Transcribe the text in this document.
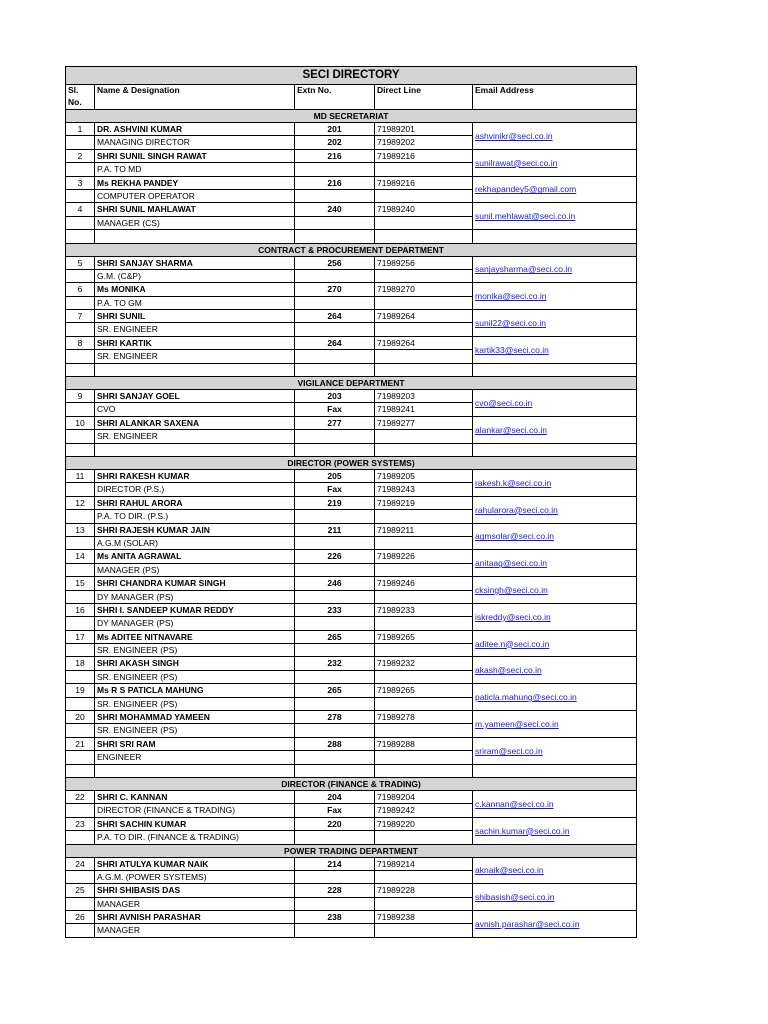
SECI DIRECTORY				
Sl. No.	Name & Designation	Extn No.	Direct Line	Email Address
MD SECRETARIAT				
1	DR. ASHVINI KUMAR	201	71989201	ashvinikr@seci.co.in
	MANAGING DIRECTOR	202	71989202	
2	SHRI SUNIL SINGH RAWAT	216	71989216	sunilrawat@seci.co.in
	P.A. TO MD			
3	Ms REKHA PANDEY	216	71989216	rekhapandey5@gmail.com
	COMPUTER OPERATOR			
4	SHRI SUNIL MAHLAWAT	240	71989240	sunil.mehlawat@seci.co.in
	MANAGER (CS)			

CONTRACT & PROCUREMENT DEPARTMENT				
5	SHRI SANJAY SHARMA	256	71989256	sanjaysharma@seci.co.in
	G.M. (C&P)			
6	Ms MONIKA	270	71989270	monika@seci.co.in
	P.A. TO GM			
7	SHRI SUNIL	264	71989264	sunil22@seci.co.in
	SR. ENGINEER			
8	SHRI KARTIK	264	71989264	kartik33@seci.co.in
	SR. ENGINEER			

VIGILANCE DEPARTMENT				
9	SHRI SANJAY GOEL	203	71989203	cvo@seci.co.in
	CVO	Fax	71989241	
10	SHRI ALANKAR SAXENA	277	71989277	alankar@seci.co.in
	SR. ENGINEER			

DIRECTOR (POWER SYSTEMS)				
11	SHRI RAKESH KUMAR	205	71989205	rakesh.k@seci.co.in
	DIRECTOR (P.S.)	Fax	71989243	
12	SHRI RAHUL ARORA	219	71989219	rahularora@seci.co.in
	P.A. TO DIR. (P.S.)			
13	SHRI RAJESH KUMAR JAIN	211	71989211	agmsolar@seci.co.in
	A.G.M (SOLAR)			
14	Ms ANITA AGRAWAL	226	71989226	anitaag@seci.co.in
	MANAGER (PS)			
15	SHRI CHANDRA KUMAR SINGH	246	71989246	cksingh@seci.co.in
	DY MANAGER (PS)			
16	SHRI I. SANDEEP KUMAR REDDY	233	71989233	iskreddy@seci.co.in
	DY MANAGER (PS)			
17	Ms ADITEE NITNAVARE	265	71989265	aditee.n@seci.co.in
	SR. ENGINEER (PS)			
18	SHRI AKASH SINGH	232	71989232	akash@seci.co.in
	SR. ENGINEER (PS)			
19	Ms R S PATICLA MAHUNG	265	71989265	paticla.mahung@seci.co.in
	SR. ENGINEER (PS)			
20	SHRI MOHAMMAD YAMEEN	278	71989278	m.yameen@seci.co.in
	SR. ENGINEER (PS)			
21	SHRI SRI RAM	288	71989288	sriram@seci.co.in
	ENGINEER			

DIRECTOR (FINANCE & TRADING)				
22	SHRI C. KANNAN	204	71989204	c.kannan@seci.co.in
	DIRECTOR (FINANCE & TRADING)	Fax	71989242	
23	SHRI SACHIN KUMAR	220	71989220	sachin.kumar@seci.co.in
	P.A. TO DIR. (FINANCE & TRADING)			
POWER TRADING DEPARTMENT				
24	SHRI ATULYA KUMAR NAIK	214	71989214	aknaik@seci.co.in
	A.G.M. (POWER SYSTEMS)			
25	SHRI SHIBASIS DAS	228	71989228	shibasish@seci.co.in
	MANAGER			
26	SHRI AVNISH PARASHAR	238	71989238	avnish.parashar@seci.co.in
	MANAGER			
